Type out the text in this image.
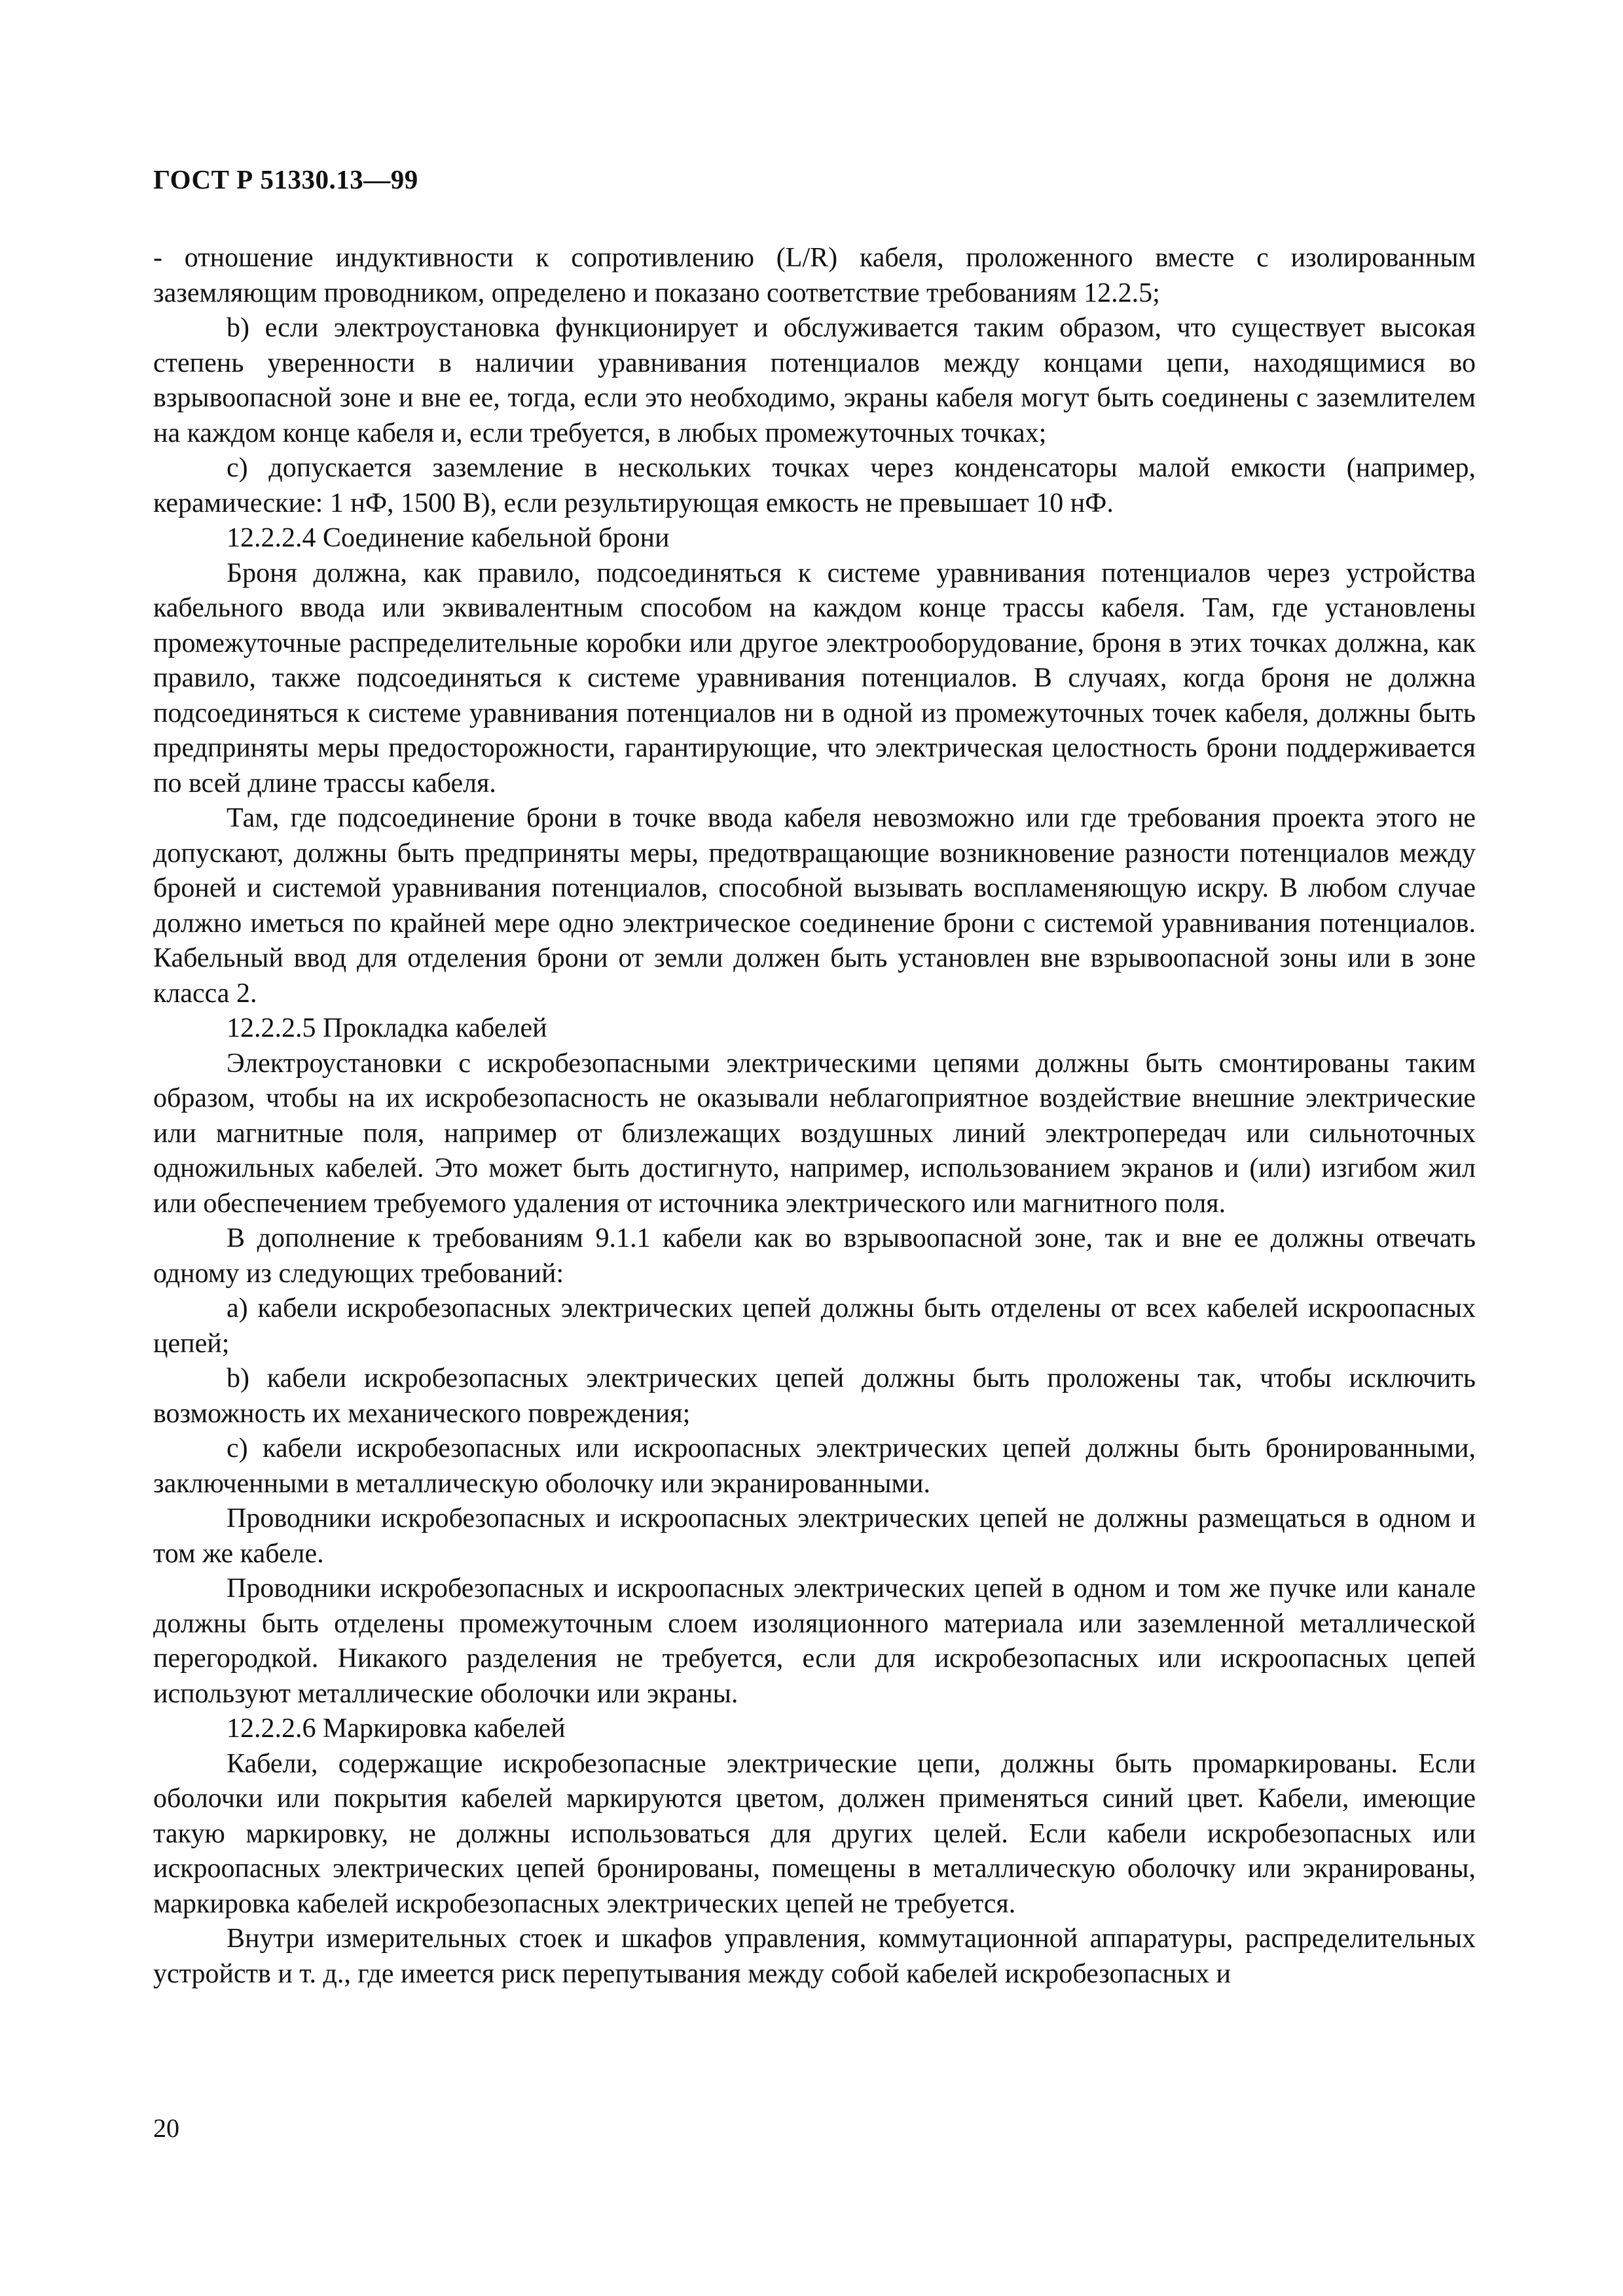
ГОСТ Р 51330.13—99

- отношение индуктивности к сопротивлению (L/R) кабеля, проложенного вместе с изолированным заземляющим проводником, определено и показано соответствие требованиям 12.2.5;

b) если электроустановка функционирует и обслуживается таким образом, что существует высокая степень уверенности в наличии уравнивания потенциалов между концами цепи, находящимися во взрывоопасной зоне и вне ее, тогда, если это необходимо, экраны кабеля могут быть соединены с заземлителем на каждом конце кабеля и, если требуется, в любых промежуточных точках;

c) допускается заземление в нескольких точках через конденсаторы малой емкости (например, керамические: 1 нФ, 1500 В), если результирующая емкость не превышает 10 нФ.

12.2.2.4 Соединение кабельной брони

Броня должна, как правило, подсоединяться к системе уравнивания потенциалов через устройства кабельного ввода или эквивалентным способом на каждом конце трассы кабеля. Там, где установлены промежуточные распределительные коробки или другое электрооборудование, броня в этих точках должна, как правило, также подсоединяться к системе уравнивания потенциалов. В случаях, когда броня не должна подсоединяться к системе уравнивания потенциалов ни в одной из промежуточных точек кабеля, должны быть предприняты меры предосторожности, гарантирующие, что электрическая целостность брони поддерживается по всей длине трассы кабеля.

Там, где подсоединение брони в точке ввода кабеля невозможно или где требования проекта этого не допускают, должны быть предприняты меры, предотвращающие возникновение разности потенциалов между броней и системой уравнивания потенциалов, способной вызывать воспламеняющую искру. В любом случае должно иметься по крайней мере одно электрическое соединение брони с системой уравнивания потенциалов. Кабельный ввод для отделения брони от земли должен быть установлен вне взрывоопасной зоны или в зоне класса 2.

12.2.2.5 Прокладка кабелей

Электроустановки с искробезопасными электрическими цепями должны быть смонтированы таким образом, чтобы на их искробезопасность не оказывали неблагоприятное воздействие внешние электрические или магнитные поля, например от близлежащих воздушных линий электропередач или сильноточных одножильных кабелей. Это может быть достигнуто, например, использованием экранов и (или) изгибом жил или обеспечением требуемого удаления от источника электрического или магнитного поля.

В дополнение к требованиям 9.1.1 кабели как во взрывоопасной зоне, так и вне ее должны отвечать одному из следующих требований:

a) кабели искробезопасных электрических цепей должны быть отделены от всех кабелей искроопасных цепей;

b) кабели искробезопасных электрических цепей должны быть проложены так, чтобы исключить возможность их механического повреждения;

c) кабели искробезопасных или искроопасных электрических цепей должны быть бронированными, заключенными в металлическую оболочку или экранированными.

Проводники искробезопасных и искроопасных электрических цепей не должны размещаться в одном и том же кабеле.

Проводники искробезопасных и искроопасных электрических цепей в одном и том же пучке или канале должны быть отделены промежуточным слоем изоляционного материала или заземленной металлической перегородкой. Никакого разделения не требуется, если для искробезопасных или искроопасных цепей используют металлические оболочки или экраны.

12.2.2.6 Маркировка кабелей

Кабели, содержащие искробезопасные электрические цепи, должны быть промаркированы. Если оболочки или покрытия кабелей маркируются цветом, должен применяться синий цвет. Кабели, имеющие такую маркировку, не должны использоваться для других целей. Если кабели искробезопасных или искроопасных электрических цепей бронированы, помещены в металлическую оболочку или экранированы, маркировка кабелей искробезопасных электрических цепей не требуется.

Внутри измерительных стоек и шкафов управления, коммутационной аппаратуры, распределительных устройств и т. д., где имеется риск перепутывания между собой кабелей искробезопасных и

20
